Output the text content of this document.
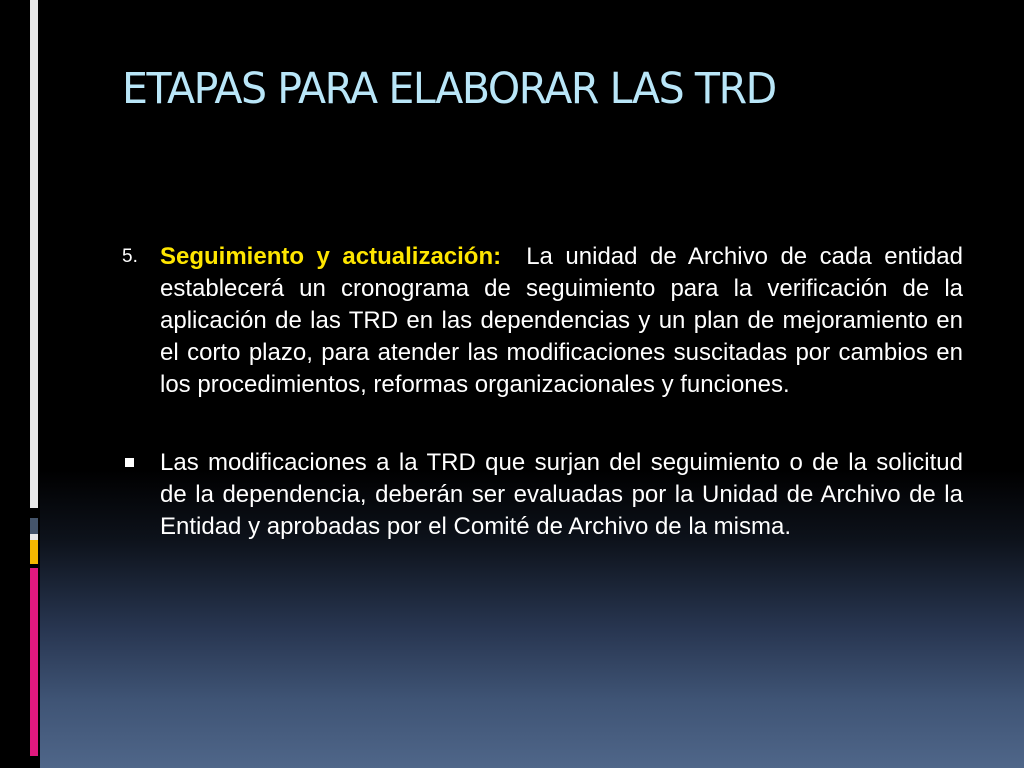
ETAPAS PARA ELABORAR LAS TRD

5. Seguimiento y actualización: La unidad de Archivo de cada entidad establecerá un cronograma de seguimiento para la verificación de la aplicación de las TRD en las dependencias y un plan de mejoramiento en el corto plazo, para atender las modificaciones suscitadas por cambios en los procedimientos, reformas organizacionales y funciones.

Las modificaciones a la TRD que surjan del seguimiento o de la solicitud de la dependencia, deberán ser evaluadas por la Unidad de Archivo de la Entidad y aprobadas por el Comité de Archivo de la misma.
